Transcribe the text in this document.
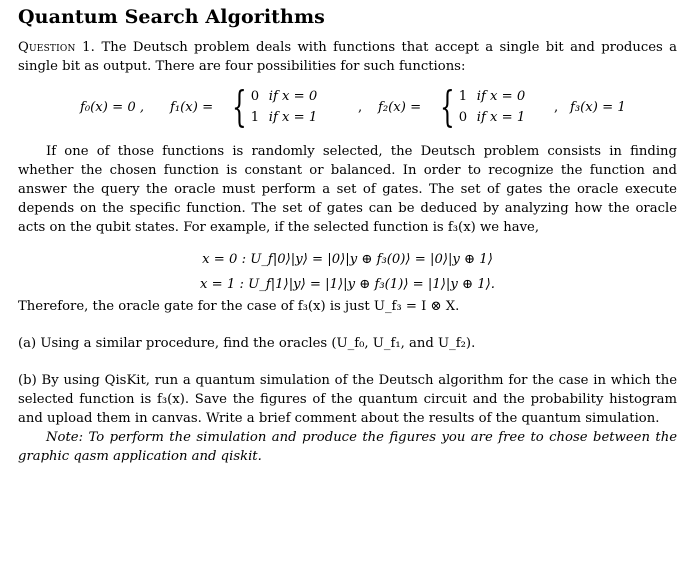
Quantum Search Algorithms

Question 1. The Deutsch problem deals with functions that accept a single bit and produces a single bit as output. There are four possibilities for such functions:

f₀(x) = 0 , f₁(x) = { 0 if x = 0
1 if x = 1
, f₂(x) = { 1 if x = 0
0 if x = 1
, f₃(x) = 1

If one of those functions is randomly selected, the Deutsch problem consists in finding whether the chosen function is constant or balanced. In order to recognize the function and answer the query the oracle must perform a set of gates. The set of gates the oracle execute depends on the specific function. The set of gates can be deduced by analyzing how the oracle acts on the qubit states. For example, if the selected function is f₃(x) we have,

x = 0 : U_f|0⟩|y⟩ = |0⟩|y ⊕ f₃(0)⟩ = |0⟩|y ⊕ 1⟩
x = 1 : U_f|1⟩|y⟩ = |1⟩|y ⊕ f₃(1)⟩ = |1⟩|y ⊕ 1⟩.

Therefore, the oracle gate for the case of f₃(x) is just U_f₃ = I ⊗ X.

(a) Using a similar procedure, find the oracles (U_f₀, U_f₁, and U_f₂).

(b) By using QisKit, run a quantum simulation of the Deutsch algorithm for the case in which the selected function is f₃(x). Save the figures of the quantum circuit and the probability histogram and upload them in canvas. Write a brief comment about the results of the quantum simulation.

Note: To perform the simulation and produce the figures you are free to chose between the graphic qasm application and qiskit.
